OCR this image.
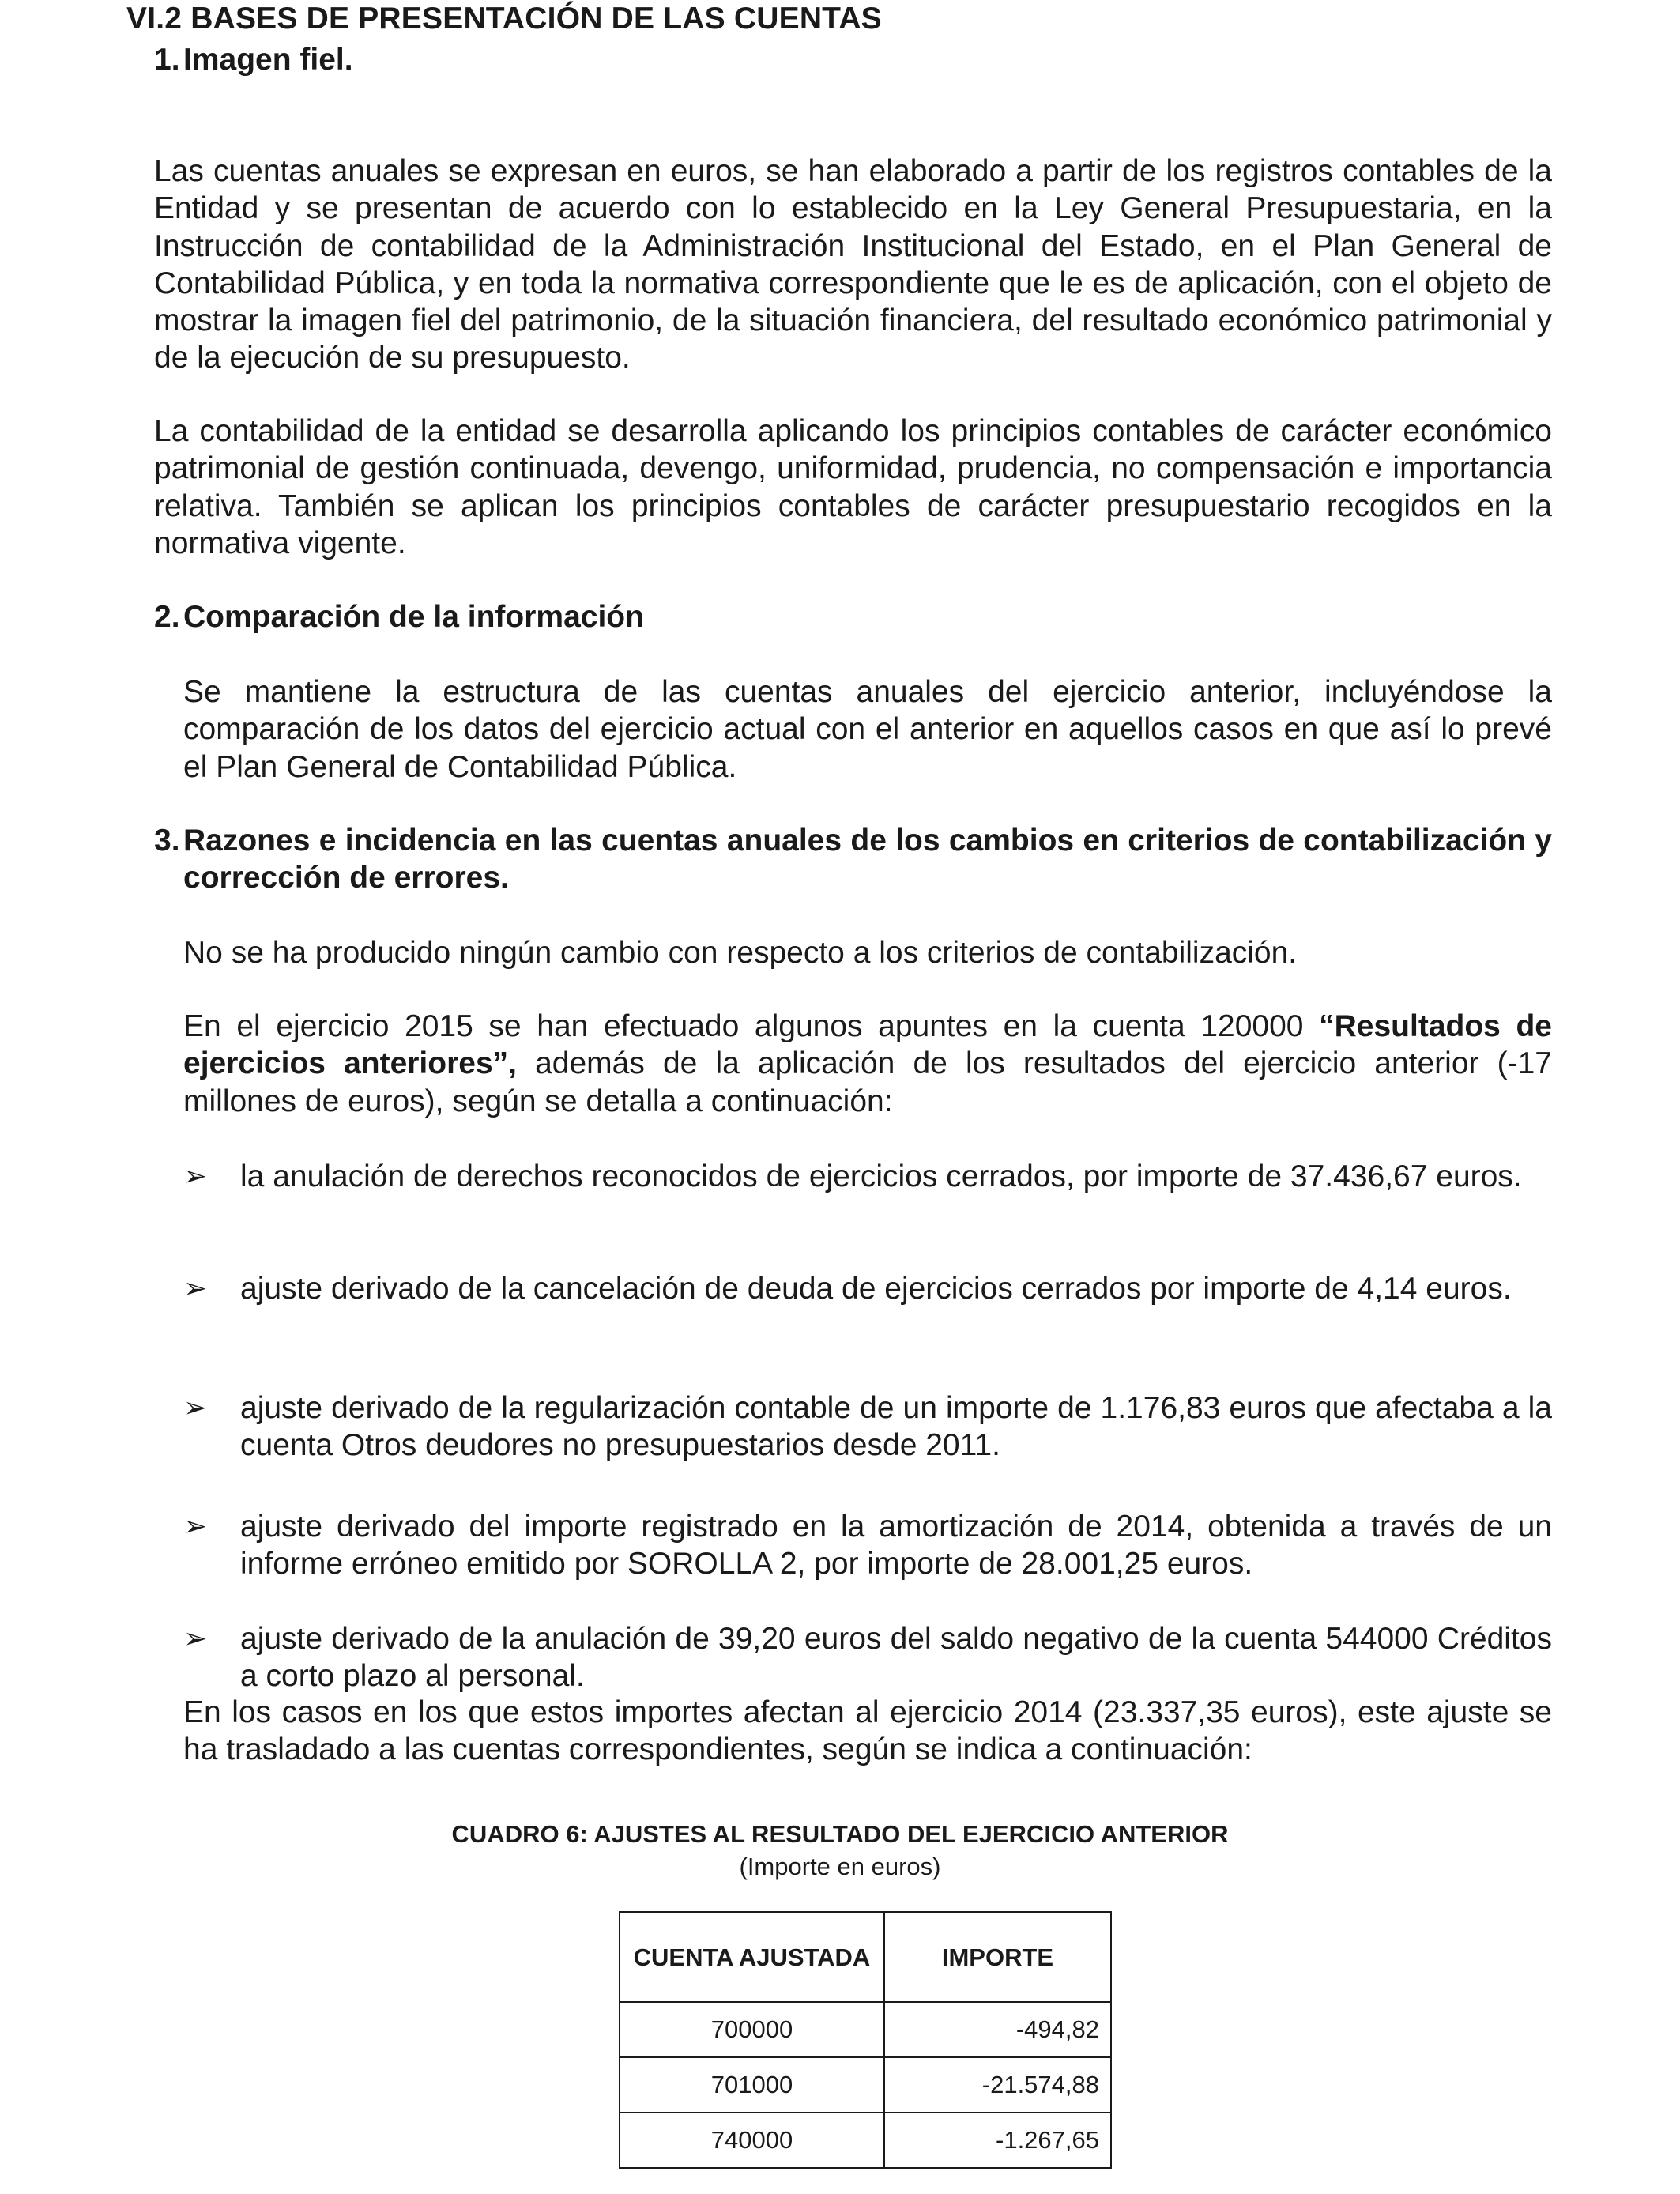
VI.2 BASES DE PRESENTACIÓN DE LAS CUENTAS
1. Imagen fiel.

Las cuentas anuales se expresan en euros, se han elaborado a partir de los registros contables de la Entidad y se presentan de acuerdo con lo establecido en la Ley General Presupuestaria, en la Instrucción de contabilidad de la Administración Institucional del Estado, en el Plan General de Contabilidad Pública, y en toda la normativa correspondiente que le es de aplicación, con el objeto de mostrar la imagen fiel del patrimonio, de la situación financiera, del resultado económico patrimonial y de la ejecución de su presupuesto.

La contabilidad de la entidad se desarrolla aplicando los principios contables de carácter económico patrimonial de gestión continuada, devengo, uniformidad, prudencia, no compensación e importancia relativa. También se aplican los principios contables de carácter presupuestario recogidos en la normativa vigente.

2. Comparación de la información

Se mantiene la estructura de las cuentas anuales del ejercicio anterior, incluyéndose la comparación de los datos del ejercicio actual con el anterior en aquellos casos en que así lo prevé el Plan General de Contabilidad Pública.

3. Razones e incidencia en las cuentas anuales de los cambios en criterios de contabilización y corrección de errores.

No se ha producido ningún cambio con respecto a los criterios de contabilización.

En el ejercicio 2015 se han efectuado algunos apuntes en la cuenta 120000 “Resultados de ejercicios anteriores”, además de la aplicación de los resultados del ejercicio anterior (-17 millones de euros), según se detalla a continuación:

➢ la anulación de derechos reconocidos de ejercicios cerrados, por importe de 37.436,67 euros.

➢ ajuste derivado de la cancelación de deuda de ejercicios cerrados por importe de 4,14 euros.

➢ ajuste derivado de la regularización contable de un importe de 1.176,83 euros que afectaba a la cuenta Otros deudores no presupuestarios desde 2011.

➢ ajuste derivado del importe registrado en la amortización de 2014, obtenida a través de un informe erróneo emitido por SOROLLA 2, por importe de 28.001,25 euros.

➢ ajuste derivado de la anulación de 39,20 euros del saldo negativo de la cuenta 544000 Créditos a corto plazo al personal.

En los casos en los que estos importes afectan al ejercicio 2014 (23.337,35 euros), este ajuste se ha trasladado a las cuentas correspondientes, según se indica a continuación:

CUADRO 6: AJUSTES AL RESULTADO DEL EJERCICIO ANTERIOR

(Importe en euros)

CUENTA AJUSTADA	IMPORTE
700000	-494,82
701000	-21.574,88
740000	-1.267,65
